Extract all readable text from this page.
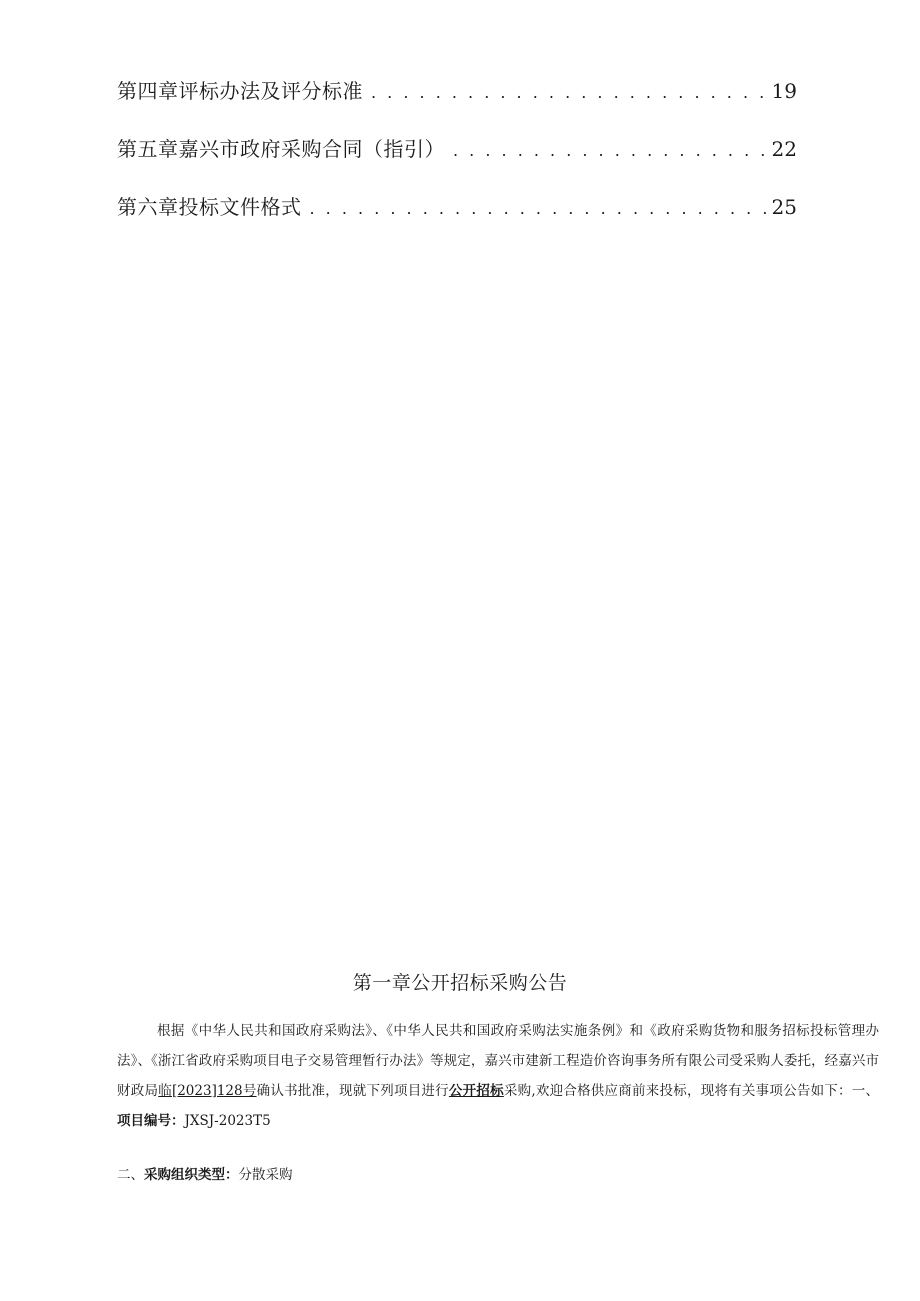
第四章评标办法及评分标准 . . .	19
第五章嘉兴市政府采购合同（指引） . . .	22
第六章投标文件格式 . . .	25
第一章公开招标采购公告

根据《中华人民共和国政府采购法》、《中华人民共和国政府采购法实施条例》和《政府采购货物和服务招标投标管理办法》、《浙江省政府采购项目电子交易管理暂行办法》等规定，嘉兴市建新工程造价咨询事务所有限公司受采购人委托，经嘉兴市财政局临[2023]128号确认书批准，现就下列项目进行公开招标采购,欢迎合格供应商前来投标，现将有关事项公告如下：一、项目编号：JXSJ-2023T5

二、采购组织类型：分散采购
